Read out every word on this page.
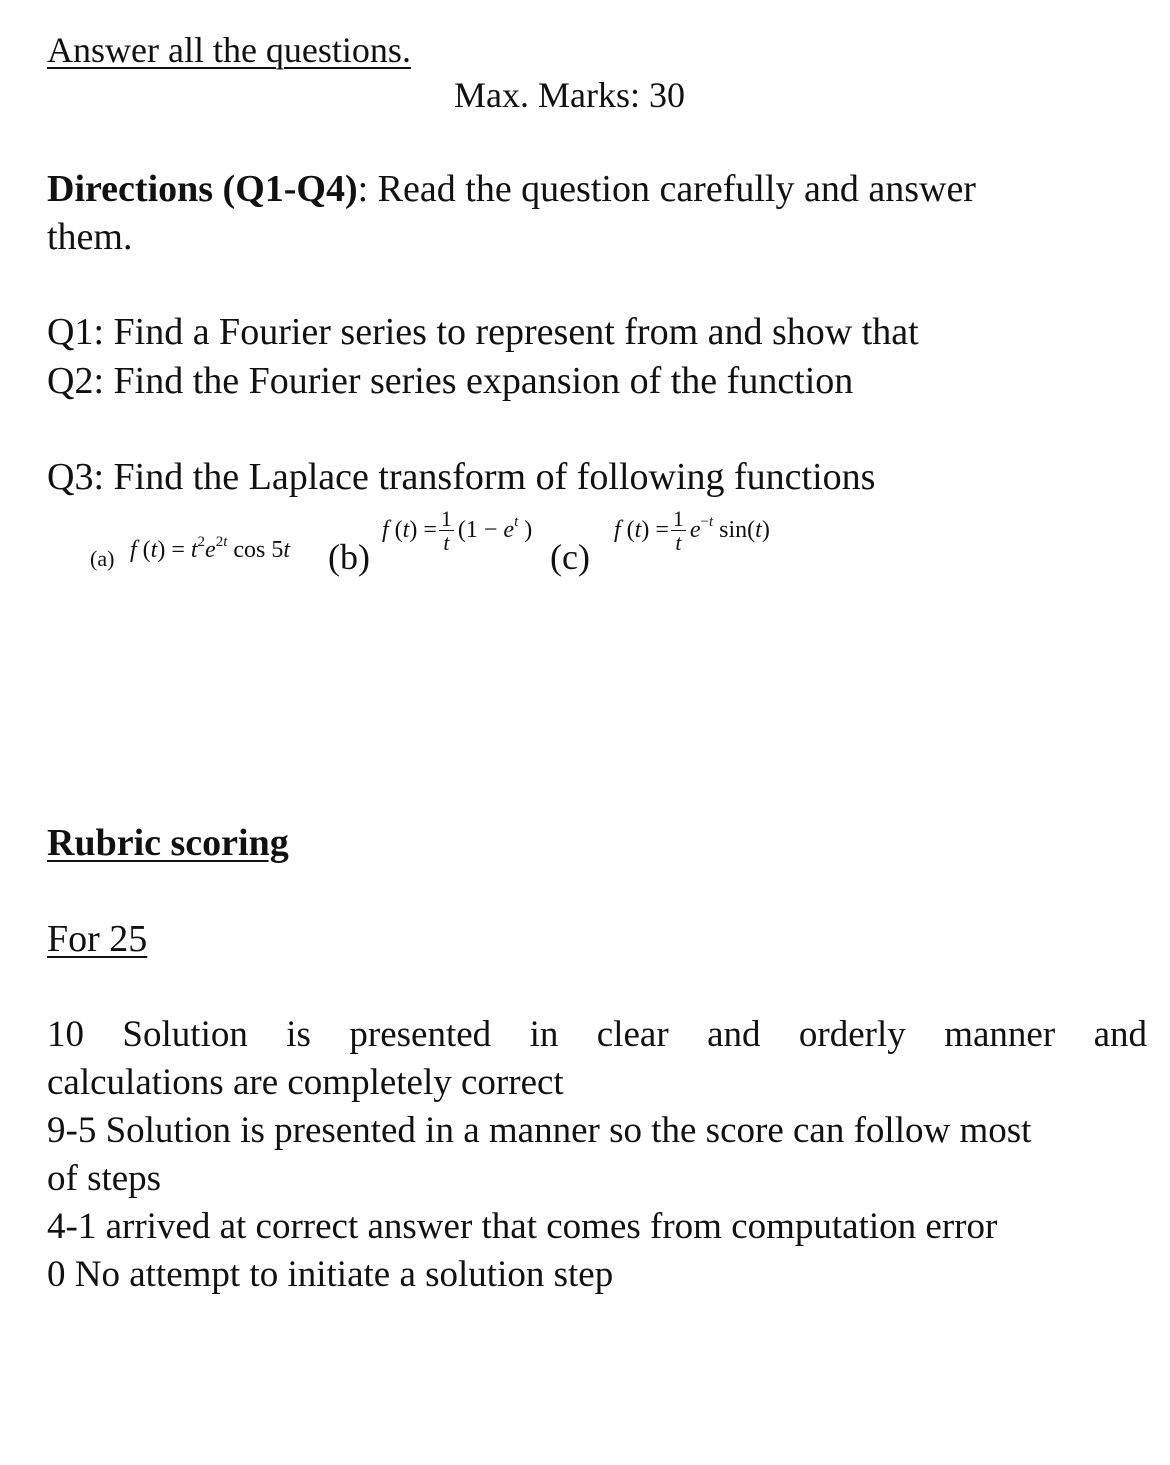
Answer all the questions.
Max. Marks: 30
Directions (Q1-Q4): Read the question carefully and answer
them.
Q1: Find a Fourier series to represent from and show that
Q2: Find the Fourier series expansion of the function
Q3: Find the Laplace transform of following functions
(a) f $(t) = t^2e^{2t}$ cos 5t (b)
f $(t) = \frac{1}{t} (1 - e^t$ )
(c)
f $(t) = \frac{1}{t} e^{-t}$ sin(t)
Rubric scoring
For 25
10 Solution is presented in clear and orderly manner and
calculations are completely correct
9-5 Solution is presented in a manner so the score can follow most
of steps
4-1 arrived at correct answer that comes from computation error
0 No attempt to initiate a solution step
